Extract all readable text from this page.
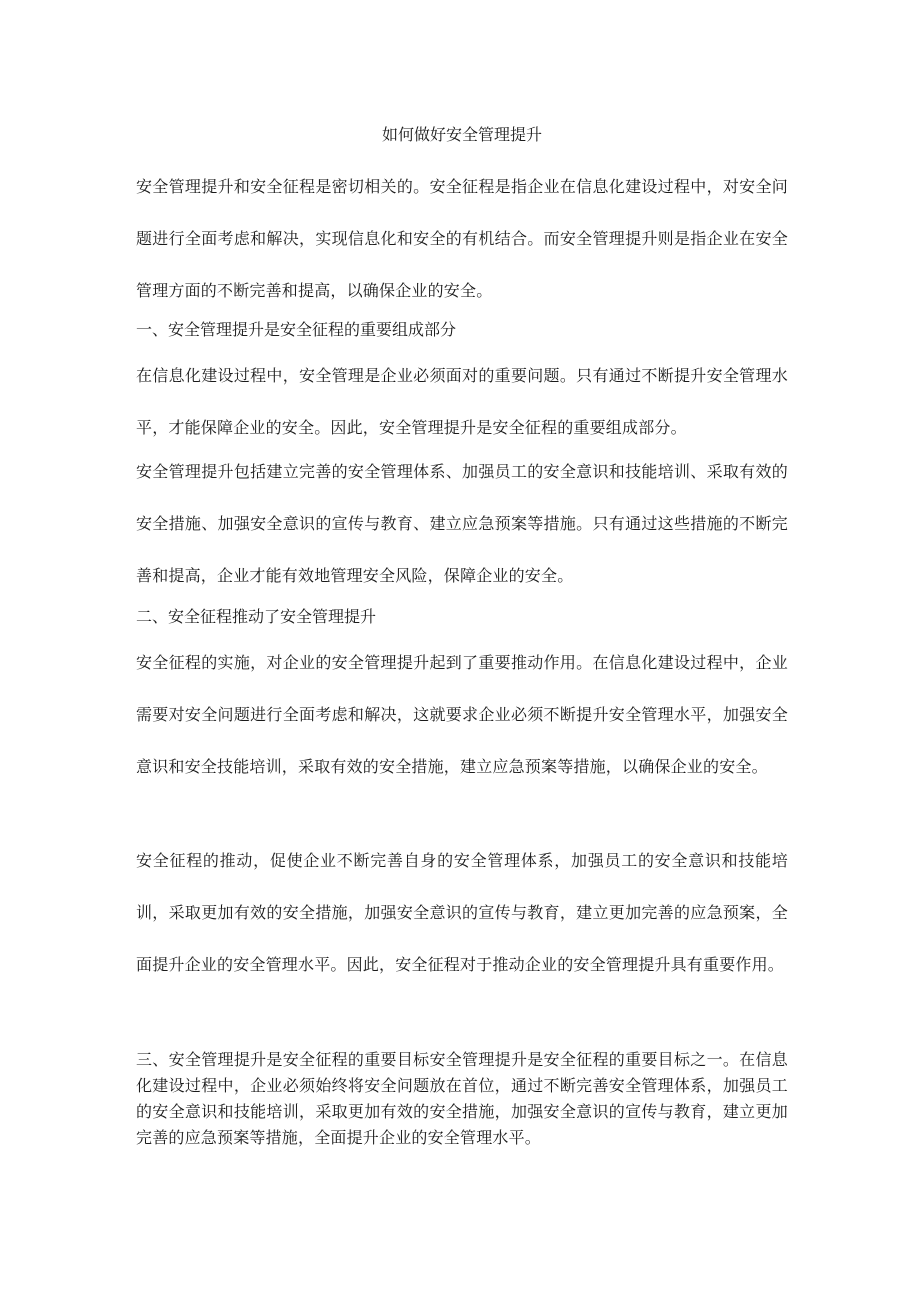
如何做好安全管理提升

安全管理提升和安全征程是密切相关的。安全征程是指企业在信息化建设过程中，对安全问题进行全面考虑和解决，实现信息化和安全的有机结合。而安全管理提升则是指企业在安全管理方面的不断完善和提高，以确保企业的安全。

一、安全管理提升是安全征程的重要组成部分

在信息化建设过程中，安全管理是企业必须面对的重要问题。只有通过不断提升安全管理水平，才能保障企业的安全。因此，安全管理提升是安全征程的重要组成部分。

安全管理提升包括建立完善的安全管理体系、加强员工的安全意识和技能培训、采取有效的安全措施、加强安全意识的宣传与教育、建立应急预案等措施。只有通过这些措施的不断完善和提高，企业才能有效地管理安全风险，保障企业的安全。

二、安全征程推动了安全管理提升

安全征程的实施，对企业的安全管理提升起到了重要推动作用。在信息化建设过程中，企业需要对安全问题进行全面考虑和解决，这就要求企业必须不断提升安全管理水平，加强安全意识和安全技能培训，采取有效的安全措施，建立应急预案等措施，以确保企业的安全。

安全征程的推动，促使企业不断完善自身的安全管理体系，加强员工的安全意识和技能培训，采取更加有效的安全措施，加强安全意识的宣传与教育，建立更加完善的应急预案，全面提升企业的安全管理水平。因此，安全征程对于推动企业的安全管理提升具有重要作用。

三、安全管理提升是安全征程的重要目标安全管理提升是安全征程的重要目标之一。在信息化建设过程中，企业必须始终将安全问题放在首位，通过不断完善安全管理体系，加强员工的安全意识和技能培训，采取更加有效的安全措施，加强安全意识的宣传与教育，建立更加完善的应急预案等措施，全面提升企业的安全管理水平。
